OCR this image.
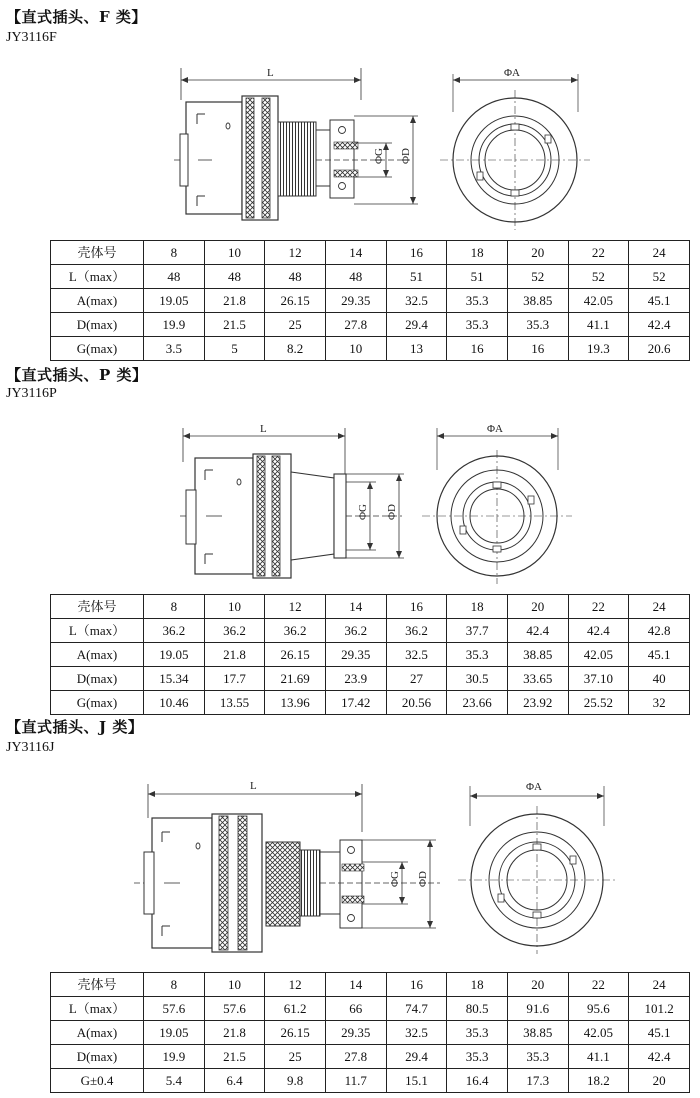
【直式插头、F 类】
JY3116F
L
ΦG ΦD
ΦA
壳体号	8	10	12	14	16	18	20	22	24
L（max）	48	48	48	48	51	51	52	52	52
A(max)	19.05	21.8	26.15	29.35	32.5	35.3	38.85	42.05	45.1
D(max)	19.9	21.5	25	27.8	29.4	35.3	35.3	41.1	42.4
G(max)	3.5	5	8.2	10	13	16	16	19.3	20.6
【直式插头、P 类】
JY3116P
L
ΦG ΦD
ΦA
壳体号	8	10	12	14	16	18	20	22	24
L（max）	36.2	36.2	36.2	36.2	36.2	37.7	42.4	42.4	42.8
A(max)	19.05	21.8	26.15	29.35	32.5	35.3	38.85	42.05	45.1
D(max)	15.34	17.7	21.69	23.9	27	30.5	33.65	37.10	40
G(max)	10.46	13.55	13.96	17.42	20.56	23.66	23.92	25.52	32
【直式插头、J 类】
JY3116J
L
ΦG ΦD
ΦA
壳体号	8	10	12	14	16	18	20	22	24
L（max）	57.6	57.6	61.2	66	74.7	80.5	91.6	95.6	101.2
A(max)	19.05	21.8	26.15	29.35	32.5	35.3	38.85	42.05	45.1
D(max)	19.9	21.5	25	27.8	29.4	35.3	35.3	41.1	42.4
G±0.4	5.4	6.4	9.8	11.7	15.1	16.4	17.3	18.2	20
